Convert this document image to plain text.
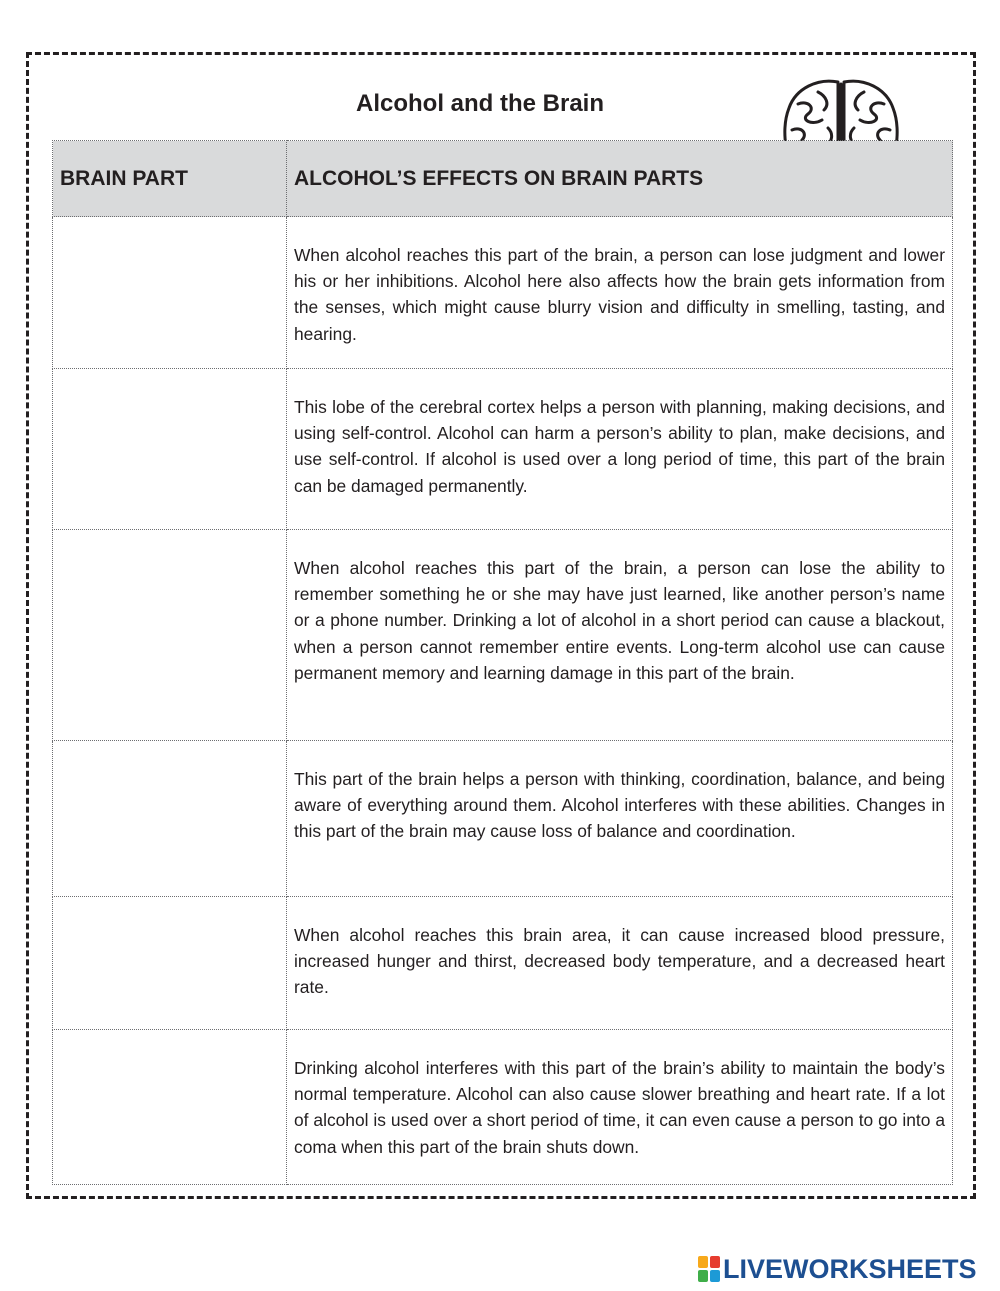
Alcohol and the Brain
BRAIN PART	ALCOHOL’S EFFECTS ON BRAIN PARTS

	When alcohol reaches this part of the brain, a person can lose judgment and lower his or her inhibitions. Alcohol here also affects how the brain gets information from the senses, which might cause blurry vision and difficulty in smelling, tasting, and hearing.

	This lobe of the cerebral cortex helps a person with planning, making decisions, and using self-control. Alcohol can harm a person’s ability to plan, make decisions, and use self-control. If alcohol is used over a long period of time, this part of the brain can be damaged permanently.

	When alcohol reaches this part of the brain, a person can lose the ability to remember something he or she may have just learned, like another person’s name or a phone number. Drinking a lot of alcohol in a short period can cause a blackout, when a person cannot remember entire events. Long-term alcohol use can cause permanent memory and learning damage in this part of the brain.

	This part of the brain helps a person with thinking, coordination, balance, and being aware of everything around them. Alcohol interferes with these abilities. Changes in this part of the brain may cause loss of balance and coordination.

	When alcohol reaches this brain area, it can cause increased blood pressure, increased hunger and thirst, decreased body temperature, and a decreased heart rate.

	Drinking alcohol interferes with this part of the brain’s ability to maintain the body’s normal temperature. Alcohol can also cause slower breathing and heart rate. If a lot of alcohol is used over a short period of time, it can even cause a person to go into a coma when this part of the brain shuts down.
LIVEWORKSHEETS
